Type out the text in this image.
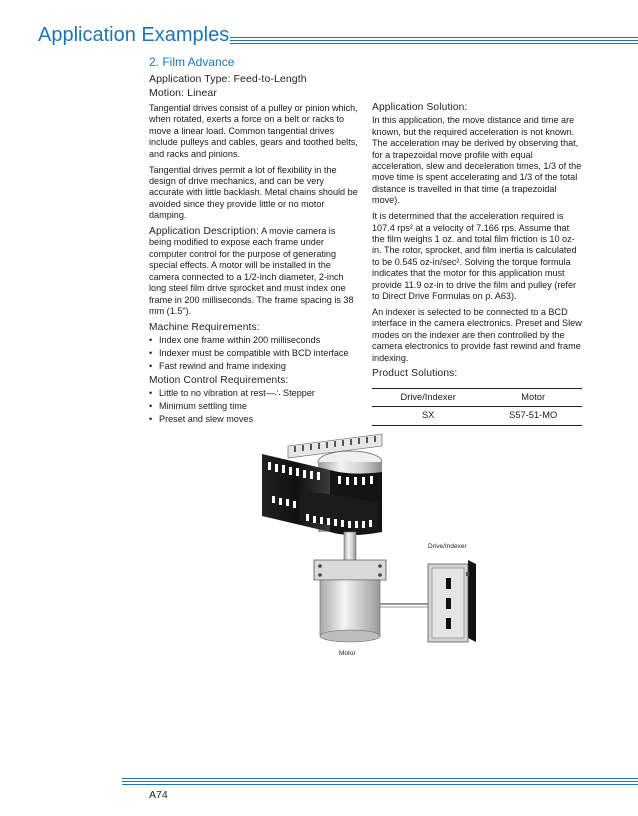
Application Examples
2. Film Advance
Application Type: Feed-to-Length
Motion: Linear

Tangential drives consist of a pulley or pinion which, when rotated, exerts a force on a belt or racks to move a linear load. Common tangential drives include pulleys and cables, gears and toothed belts, and racks and pinions.

Tangential drives permit a lot of flexibility in the design of drive mechanics, and can be very accurate with little backlash. Metal chains should be avoided since they provide little or no motor damping.

Application Description: A movie camera is being modified to expose each frame under computer control for the purpose of generating special effects. A motor will be installed in the camera connected to a 1/2-inch diameter, 2-inch long steel film drive sprocket and must index one frame in 200 milliseconds. The frame spacing is 38 mm (1.5").

Machine Requirements:
• Index one frame within 200 milliseconds
• Indexer must be compatible with BCD interface
• Fast rewind and frame indexing
Motion Control Requirements:
• Little to no vibration at rest—∴ Stepper
• Minimum settling time
• Preset and slew moves
Application Solution:

In this application, the move distance and time are known, but the required acceleration is not known. The acceleration may be derived by observing that, for a trapezoidal move profile with equal acceleration, slew and deceleration times, 1/3 of the move time is spent accelerating and 1/3 of the total distance is travelled in that time (a trapezoidal move).

It is determined that the acceleration required is 107.4 rps² at a velocity of 7.166 rps. Assume that the film weighs 1 oz. and total film friction is 10 oz-in. The rotor, sprocket, and film inertia is calculated to be 0.545 oz-in/sec². Solving the torque formula indicates that the motor for this application must provide 11.9 oz-in to drive the film and pulley (refer to Direct Drive Formulas on p. A63).

An indexer is selected to be connected to a BCD interface in the camera electronics. Preset and Slew modes on the indexer are then controlled by the camera electronics to provide fast rewind and frame indexing.

Product Solutions:
Drive/Indexer	Motor
SX	S57-51-MO
Drive/Indexer
Motor
A74
